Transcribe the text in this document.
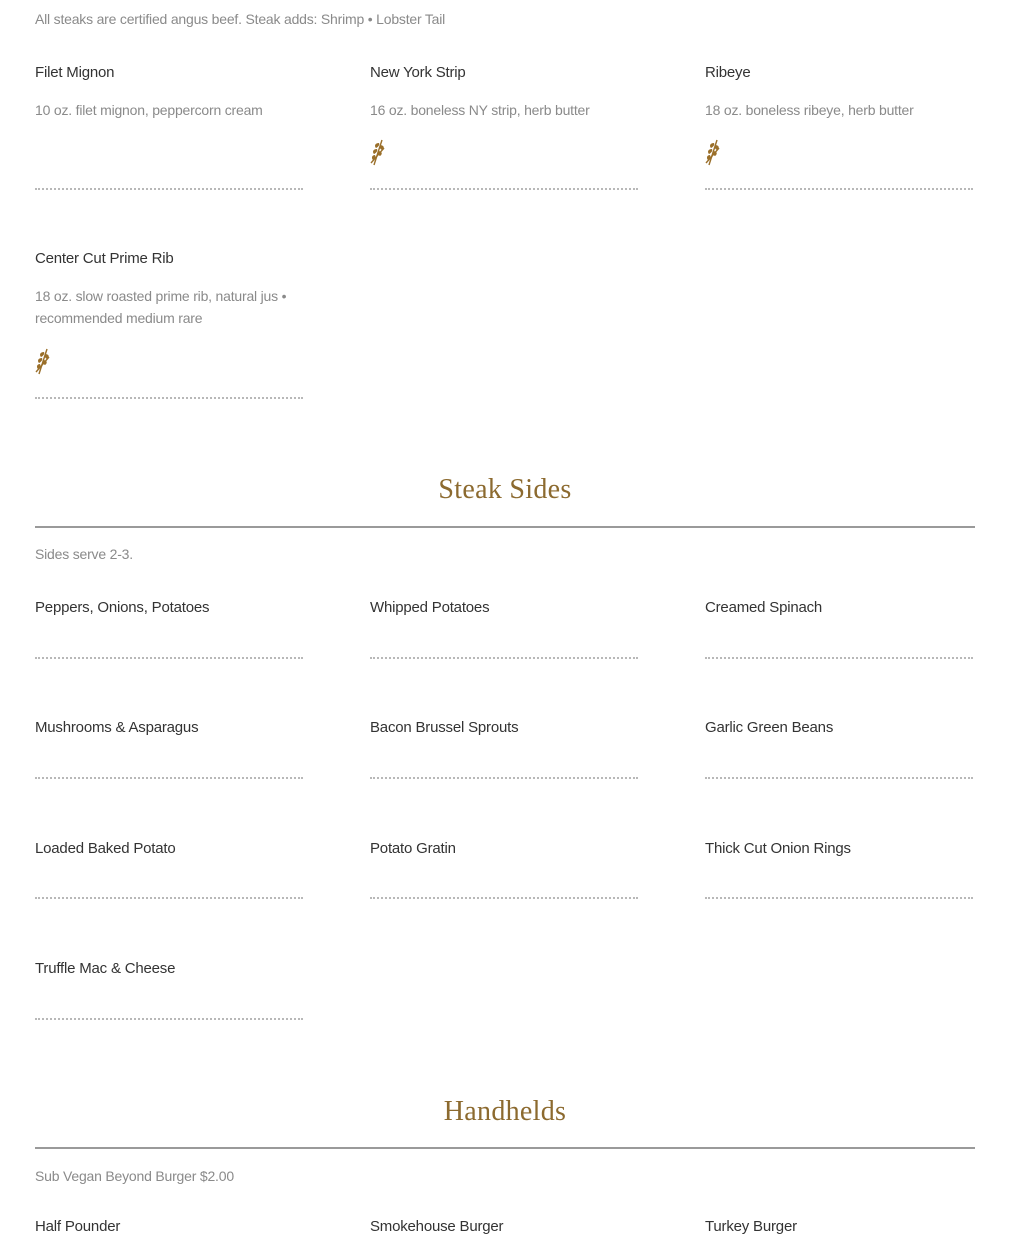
All steaks are certified angus beef. Steak adds: Shrimp • Lobster Tail
Filet Mignon
10 oz. filet mignon, peppercorn cream
New York Strip
16 oz. boneless NY strip, herb butter
Ribeye
18 oz. boneless ribeye, herb butter
Center Cut Prime Rib
18 oz. slow roasted prime rib, natural jus • recommended medium rare
Steak Sides
Sides serve 2-3.
Peppers, Onions, Potatoes	Whipped Potatoes	Creamed Spinach
Mushrooms & Asparagus	Bacon Brussel Sprouts	Garlic Green Beans
Loaded Baked Potato	Potato Gratin	Thick Cut Onion Rings
Truffle Mac & Cheese
Handhelds
Sub Vegan Beyond Burger $2.00
Half Pounder	Smokehouse Burger	Turkey Burger
